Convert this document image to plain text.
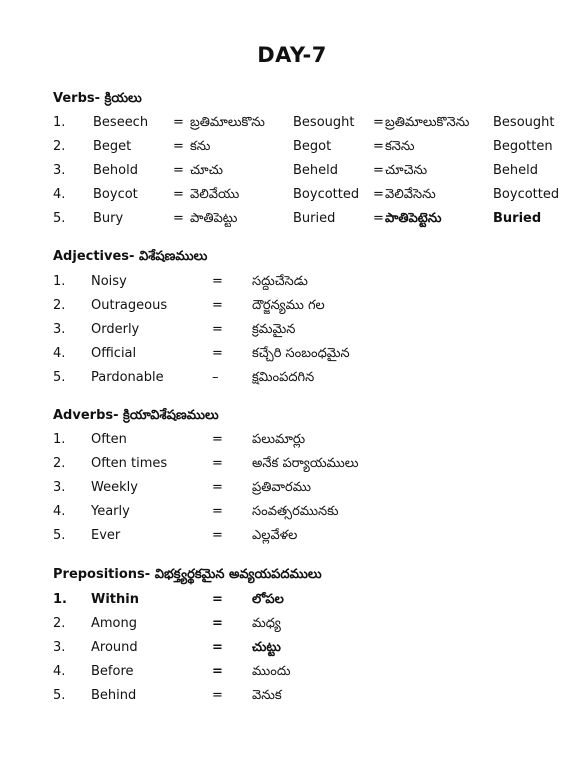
DAY-7
Verbs- క్రియలు
1. Beseech = బ్రతిమాలుకొను Besought = బ్రతిమాలుకొనెను Besought
2. Beget	= కను	Begot	= కనెను	Begotten
3. Behold	= చూచు	Beheld	= చూచెను	Beheld
4. Boycot	= వెలివేయు	Boycotted = వెలివేసెను	Boycotted
5. Bury	= పాతిపెట్టు	Buried	= పాతిపెట్టెను	Buried
Adjectives- విశేషణములు
1. Noisy	= సద్దుచేసెడు
2. Outrageous	= దౌర్జన్యము గల
3. Orderly	= క్రమమైన
4. Official	= కచ్చేరి సంబంధమైన
5. Pardonable	–	క్షమింపదగిన
Adverbs- క్రియావిశేషణములు
1. Often	= పలుమార్లు
2. Often times	= అనేక పర్యాయములు
3. Weekly	= ప్రతివారము
4. Yearly	= సంవత్సరమునకు
5. Ever	= ఎల్లవేళల
Prepositions- విభక్త్యర్థకమైన అవ్యయపదములు
1. Within	= లోపల
2. Among	= మధ్య
3. Around	= చుట్టు
4. Before	= ముందు
5. Behind	= వెనుక
